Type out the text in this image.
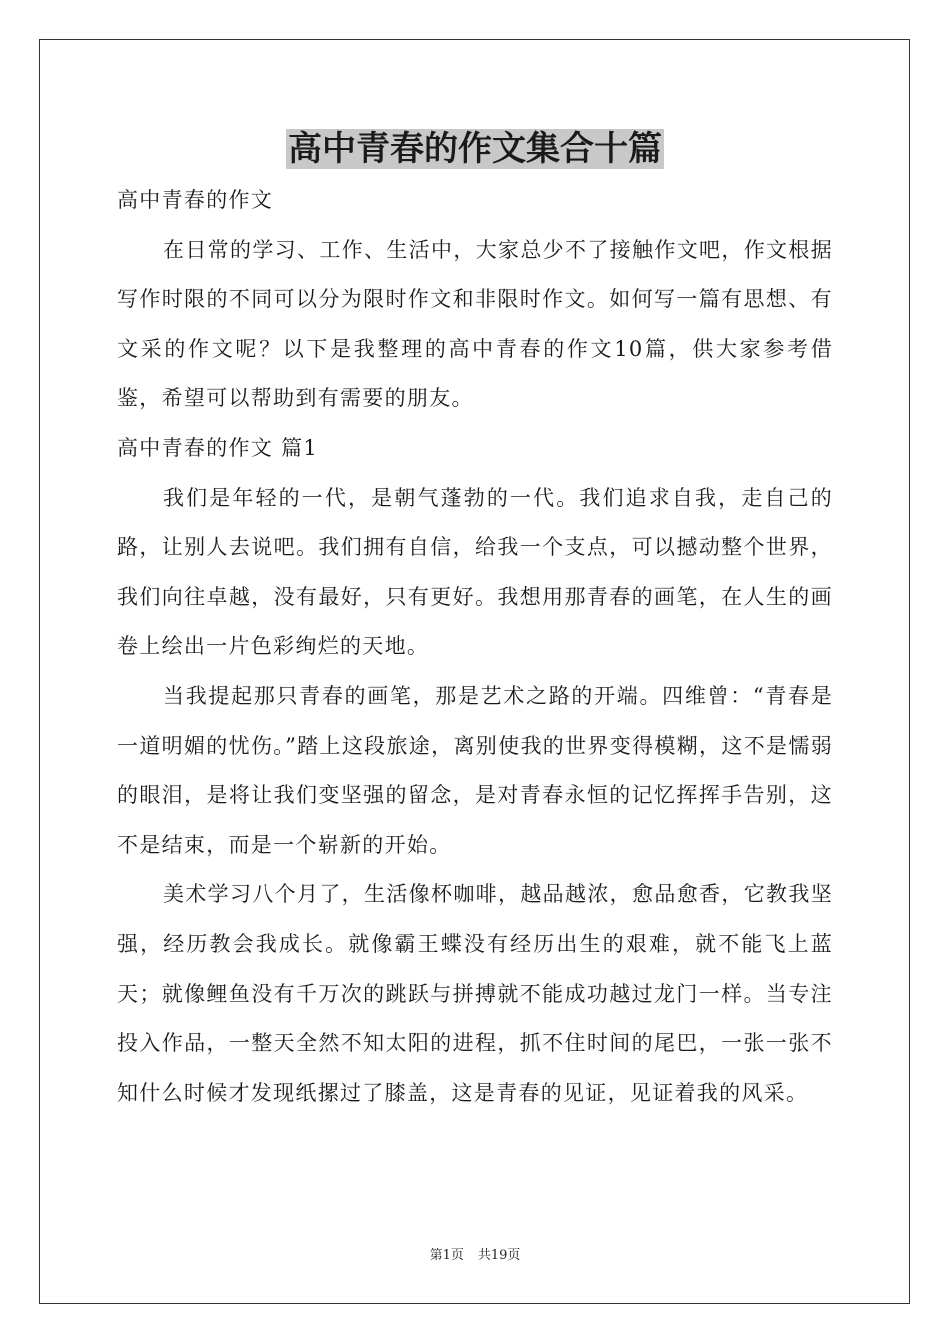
高中青春的作文集合十篇

高中青春的作文

在日常的学习、工作、生活中，大家总少不了接触作文吧，作文根据写作时限的不同可以分为限时作文和非限时作文。如何写一篇有思想、有文采的作文呢？以下是我整理的高中青春的作文10篇，供大家参考借鉴，希望可以帮助到有需要的朋友。

高中青春的作文 篇1

我们是年轻的一代，是朝气蓬勃的一代。我们追求自我，走自己的路，让别人去说吧。我们拥有自信，给我一个支点，可以撼动整个世界，我们向往卓越，没有最好，只有更好。我想用那青春的画笔，在人生的画卷上绘出一片色彩绚烂的天地。

当我提起那只青春的画笔，那是艺术之路的开端。四维曾：“青春是一道明媚的忧伤。”踏上这段旅途，离别使我的世界变得模糊，这不是懦弱的眼泪，是将让我们变坚强的留念，是对青春永恒的记忆挥挥手告别，这不是结束，而是一个崭新的开始。

美术学习八个月了，生活像杯咖啡，越品越浓，愈品愈香，它教我坚强，经历教会我成长。就像霸王蝶没有经历出生的艰难，就不能飞上蓝天；就像鲤鱼没有千万次的跳跃与拼搏就不能成功越过龙门一样。当专注投入作品，一整天全然不知太阳的进程，抓不住时间的尾巴，一张一张不知什么时候才发现纸摞过了膝盖，这是青春的见证，见证着我的风采。

第1页 共19页
